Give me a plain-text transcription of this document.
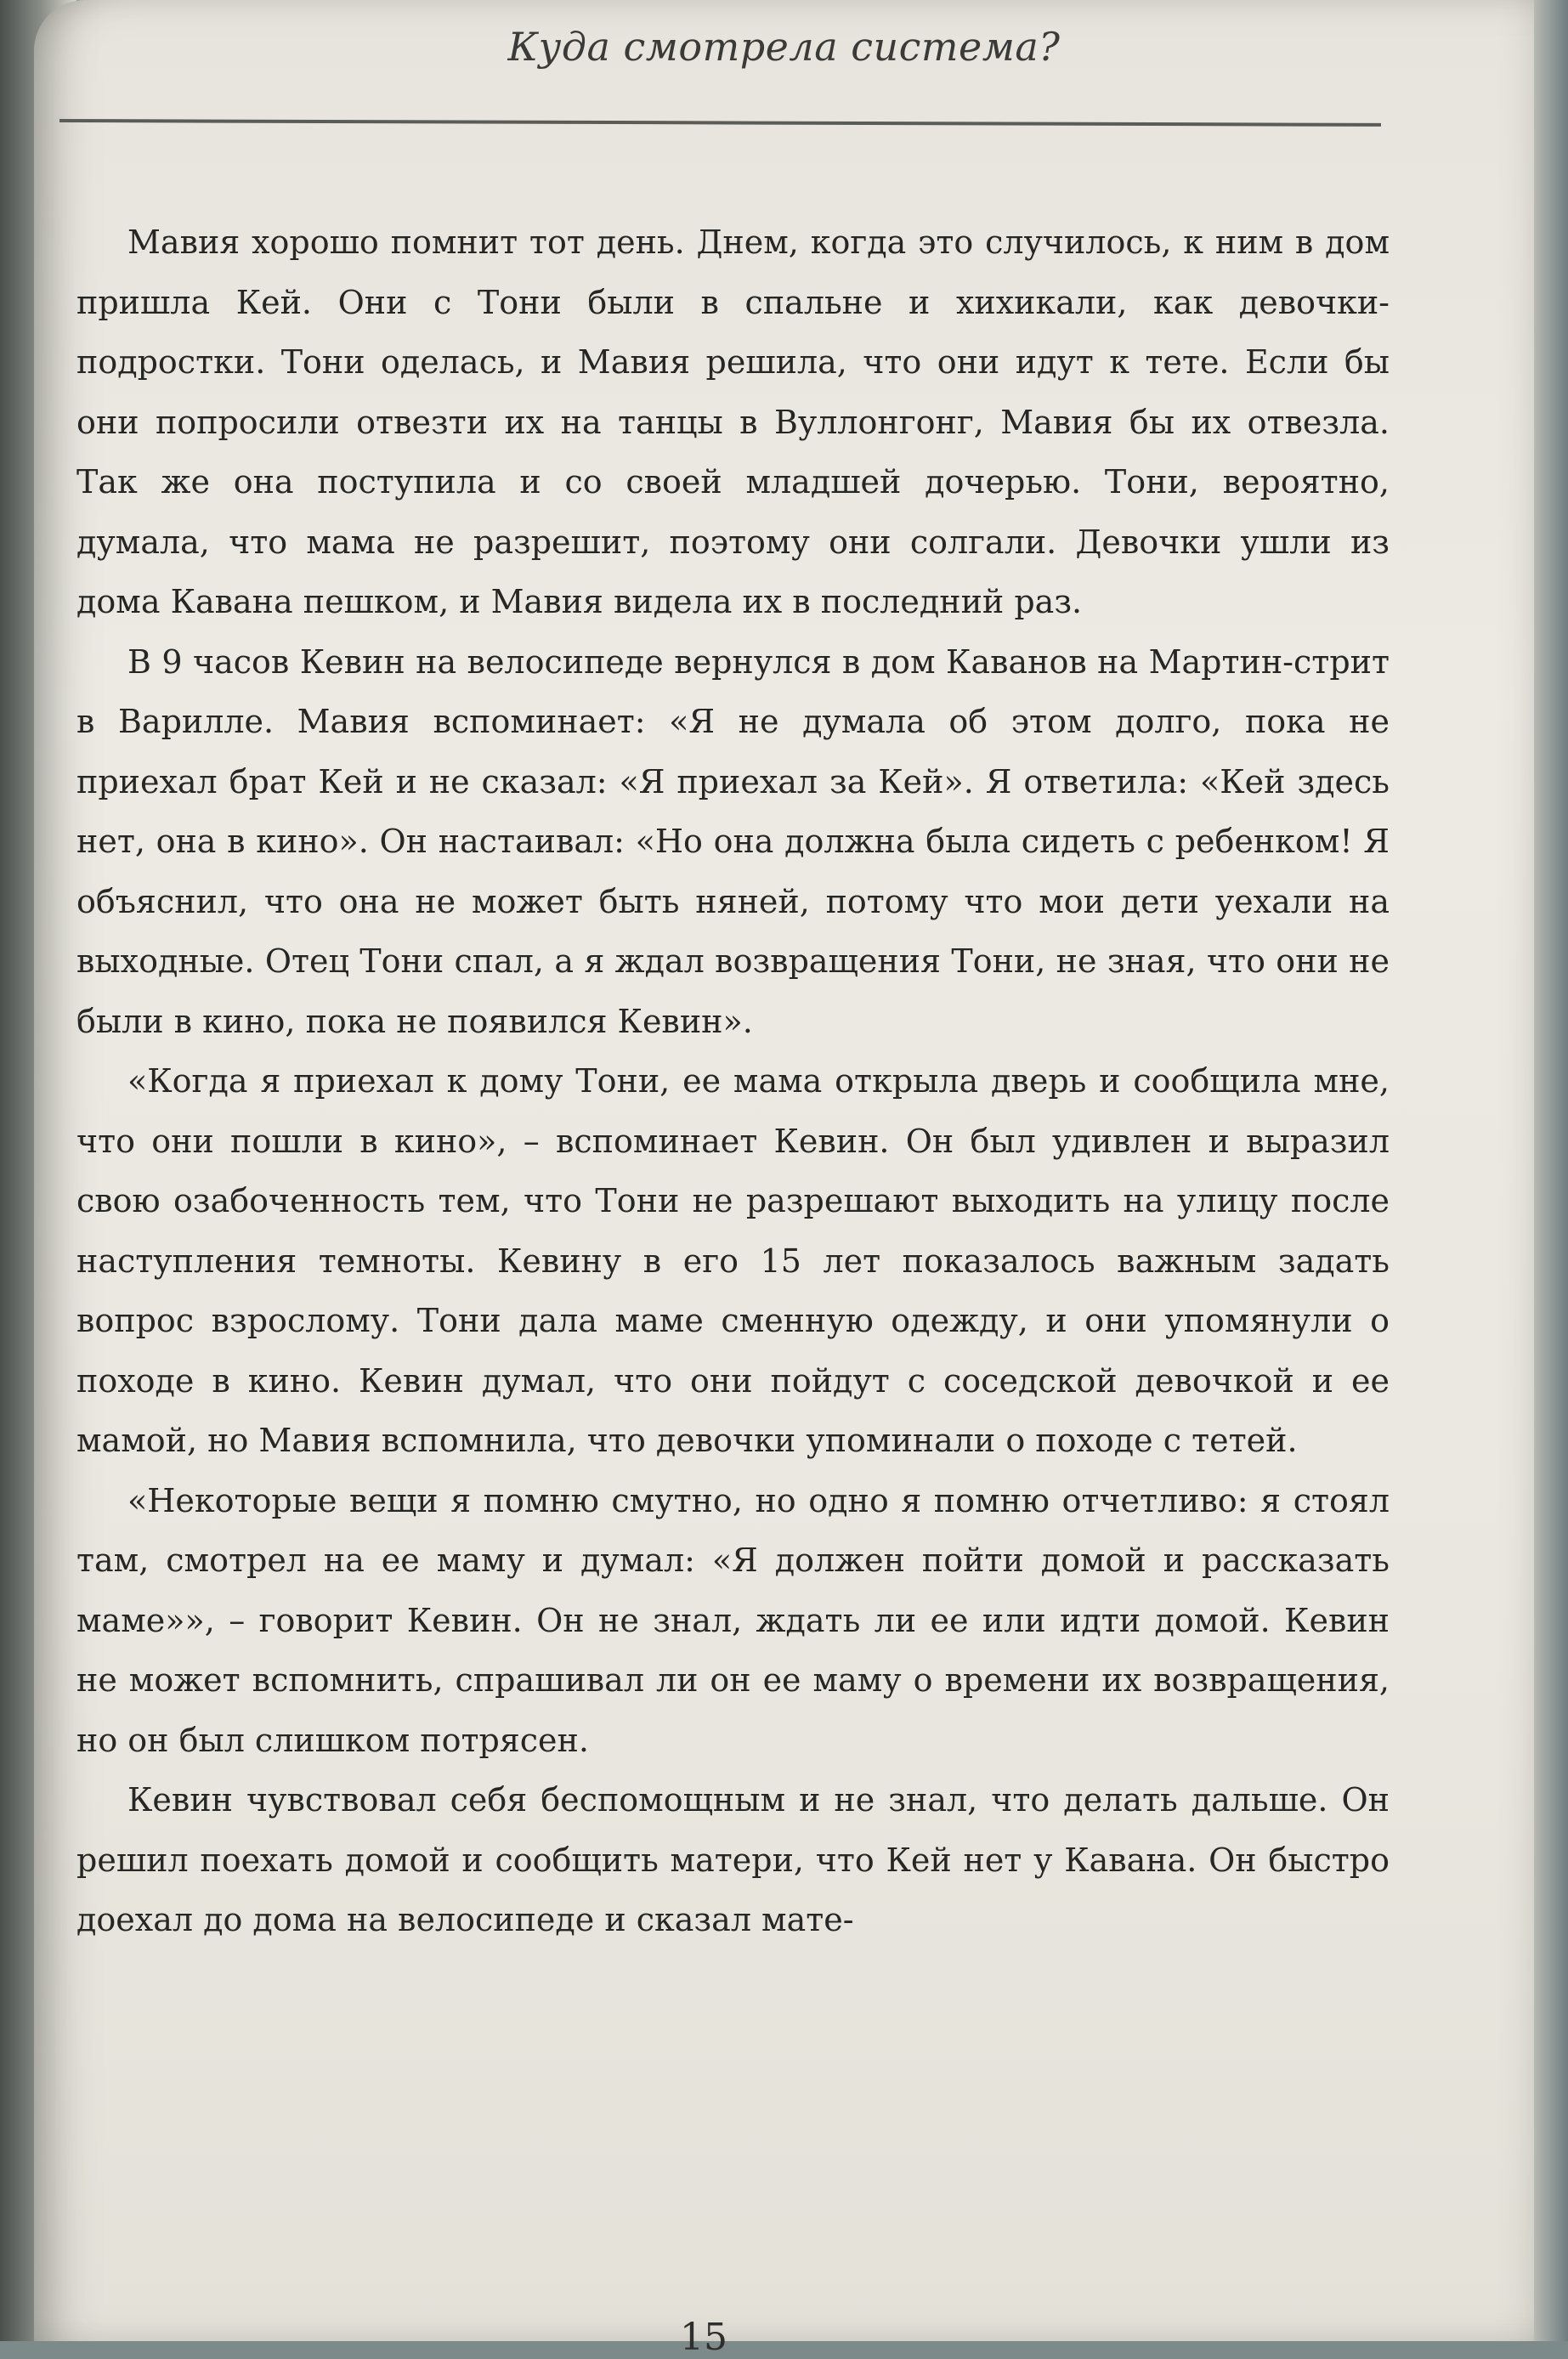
Куда смотрела система?

Мавия хорошо помнит тот день. Днем, когда это случилось, к ним в дом пришла Кей. Они с Тони были в спальне и хихикали, как девочки-подростки. Тони оделась, и Мавия решила, что они идут к тете. Если бы они попросили отвезти их на танцы в Вуллонгонг, Мавия бы их отвезла. Так же она поступила и со своей младшей дочерью. Тони, вероятно, думала, что мама не разрешит, поэтому они солгали. Девочки ушли из дома Кавана пешком, и Мавия видела их в последний раз.

В 9 часов Кевин на велосипеде вернулся в дом Каванов на Мартин-стрит в Варилле. Мавия вспоминает: «Я не думала об этом долго, пока не приехал брат Кей и не сказал: «Я приехал за Кей». Я ответила: «Кей здесь нет, она в кино». Он настаивал: «Но она должна была сидеть с ребенком! Я объяснил, что она не может быть няней, потому что мои дети уехали на выходные. Отец Тони спал, а я ждал возвращения Тони, не зная, что они не были в кино, пока не появился Кевин».

«Когда я приехал к дому Тони, ее мама открыла дверь и сообщила мне, что они пошли в кино», – вспоминает Кевин. Он был удивлен и выразил свою озабоченность тем, что Тони не разрешают выходить на улицу после наступления темноты. Кевину в его 15 лет показалось важным задать вопрос взрослому. Тони дала маме сменную одежду, и они упомянули о походе в кино. Кевин думал, что они пойдут с соседской девочкой и ее мамой, но Мавия вспомнила, что девочки упоминали о походе с тетей.

«Некоторые вещи я помню смутно, но одно я помню отчетливо: я стоял там, смотрел на ее маму и думал: «Я должен пойти домой и рассказать маме»», – говорит Кевин. Он не знал, ждать ли ее или идти домой. Кевин не может вспомнить, спрашивал ли он ее маму о времени их возвращения, но он был слишком потрясен.

Кевин чувствовал себя беспомощным и не знал, что делать дальше. Он решил поехать домой и сообщить матери, что Кей нет у Кавана. Он быстро доехал до дома на велосипеде и сказал мате-

15
